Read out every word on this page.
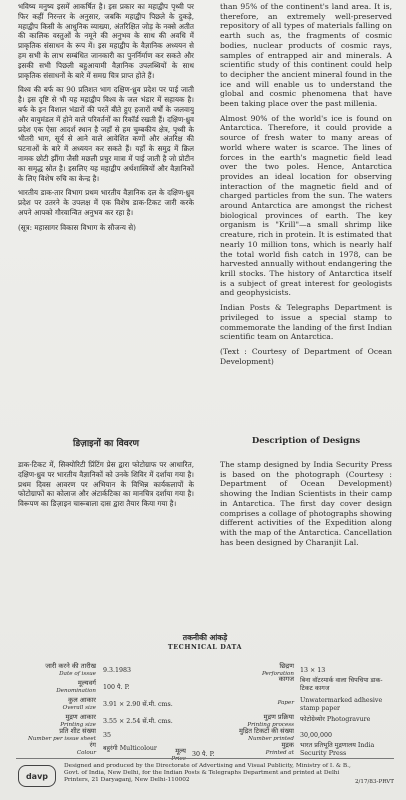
भविष्य मनुष्य इसमें आकर्षित है। इस प्रकार का महाद्वीप पृथ्वी पर फिर कहीं निरन्तर के अनुसार, जबकि महाद्वीप पिछले के दुकड़े, महाद्वीप किसी के आधुनिक व्याख्या, अंतरिक्षित जोड़ के नक्से अतीत की कालिक वस्तुओं के नमूने की अनुभव के साथ की अवधि में प्राकृतिक संसाधन के रूप में। इस महाद्वीप के वैज्ञानिक अध्ययन से हम सभी के लाभ सम्बंधित जानकारी का पुनर्निर्माण कर सकते और इसकी सभी पिछली बहुआयामी वैज्ञानिक उपलब्धियों के साथ प्राकृतिक संसाधनों के बारे में समग्र चित्र प्राप्त होते हैं।

विश्व की बर्फ का 90 प्रतिशत भाग दक्षिण-ध्रुव प्रदेश पर पाई जाती है। इस दृष्टि से भी यह महाद्वीप विश्व के जल भंडार में सहायक है। बर्फ के इन विशाल भंडारों की परतें बीते हुए हजारों वर्षों के जलवायु और वायुमंडल में होने वाले परिवर्तनों का रिकॉर्ड रखती हैं। दक्षिण-ध्रुव प्रदेश एक ऐसा आदर्श स्थान है जहाँ से हम चुम्बकीय क्षेत्र, पृथ्वी के भीतरी भाग, सूर्य से आने वाले आवेशित कणों और अंतरिक्ष की घटनाओं के बारे में अध्ययन कर सकते हैं। यहाँ के समुद्र में क्रिल नामक छोटी झींगा जैसी मछली प्रचुर मात्रा में पाई जाती है जो प्रोटीन का समृद्ध स्रोत है। इसलिए यह महाद्वीप अर्थशास्त्रियों और वैज्ञानिकों के लिए विशेष रुचि का केन्द्र है।

भारतीय डाक-तार विभाग प्रथम भारतीय वैज्ञानिक दल के दक्षिण-ध्रुव प्रदेश पर उतरने के उपलक्ष में एक विशेष डाक-टिकट जारी करके अपने आपको गौरवान्वित अनुभव कर रहा है।

(सूत्र: महासागर विकास विभाग के सौजन्य से)

than 95% of the continent's land area. It is, therefore, an extremely well-preserved repository of all types of materials falling on earth such as, the fragments of cosmic bodies, nuclear products of cosmic rays, samples of entrapped air and minerals. A scientific study of this continent could help to decipher the ancient mineral found in the ice and will enable us to understand the global and cosmic phenomena that have been taking place over the past millenia.

Almost 90% of the world's ice is found on Antarctica. Therefore, it could provide a source of fresh water to many areas of world where water is scarce. The lines of forces in the earth's magnetic field lead over the two poles. Hence, Antarctica provides an ideal location for observing interaction of the magnetic field and of charged particles from the sun. The waters around Antarctica are amongst the richest biological provinces of earth. The key organism is "Krill"—a small shrimp like creature, rich in protein. It is estimated that nearly 10 million tons, which is nearly half the total world fish catch in 1978, can be harvested annually without endangering the krill stocks. The history of Antarctica itself is a subject of great interest for geologists and geophysicists.

Indian Posts & Telegraphs Department is privileged to issue a special stamp to commemorate the landing of the first Indian scientific team on Antarctica.

(Text : Courtesy of Department of Ocean Development)

डिज़ाइनों का विवरण	Description of Designs

डाक-टिकट में, सिक्योरिटी प्रिंटिंग प्रेस द्वारा फोटोग्राफ पर आधारित, दक्षिण-ध्रुव पर भारतीय वैज्ञानिकों को उनके शिविर में दर्शाया गया है। प्रथम दिवस आवरण पर अभियान के विभिन्न कार्यकलापों के फोटोग्राफों का कोलाज और अंटार्कटिका का मानचित्र दर्शाया गया है। विरूपण का डिज़ाइन चारूबाला दास द्वारा तैयार किया गया है।

The stamp designed by India Security Press is based on the photograph (Courtesy : Department of Ocean Development) showing the Indian Scientists in their camp in Antarctica. The first day cover design comprises a collage of photographs showing different activities of the Expedition along with the map of the Antarctica. Cancellation has been designed by Charanjit Lal.

तकनीकी आंकड़े
TECHNICAL DATA
जारी करने की तारीख
Date of issue 9.3.1983
मूल्यवर्ग
Denomination 100 पै. P.
कुल आकार
Overall size 3.91 × 2.90 सें.मी. cms.
मुद्रण आकार
Printing size 3.55 × 2.54 सें.मी. cms.
प्रति शीट संख्या
Number per issue sheet 35
रंग
Colour
बहुरंगी Multicolour
छिद्रण
Perforation 13 × 13
कागज बिना वॉटरमार्क वाला चिपचिपा डाक-टिकट कागज
Paper Unwatermarked adhesive stamp paper
मुद्रण प्रक्रिया
Printing process
फोटोग्रेव्योर Photogravure
मुद्रित टिकटों की संख्या
Number printed 30,00,000
मुद्रक
Printed at
भारत प्रतिभूति मुद्रणालय India Security Press
मूल्य
Price
30 पै. P.
davp
Designed and produced by the Directorate of Advertising and Visual Publicity, Ministry of I. & B., Govt. of India, New Delhi, for the Indian Posts & Telegraphs Department and printed at Delhi Printers, 21 Daryaganj, New Delhi-110002	2/17/83-PRVT
